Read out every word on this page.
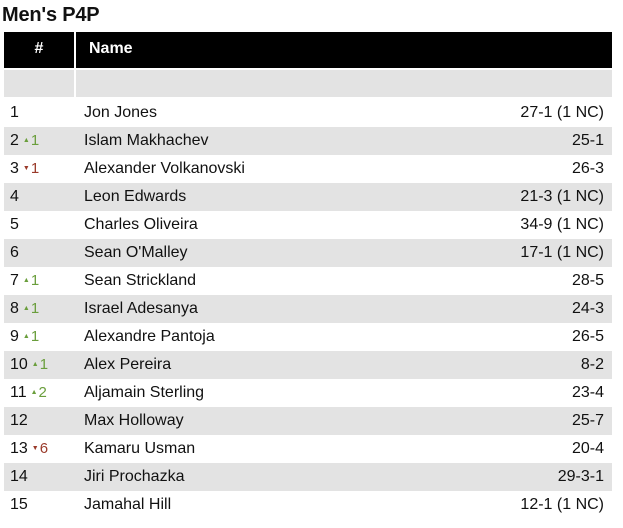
Men's P4P
#	Name
1	Jon Jones	27-1 (1 NC)
2 ▲1	Islam Makhachev	25-1
3 ▼1	Alexander Volkanovski	26-3
4	Leon Edwards	21-3 (1 NC)
5	Charles Oliveira	34-9 (1 NC)
6	Sean O'Malley	17-1 (1 NC)
7 ▲1	Sean Strickland	28-5
8 ▲1	Israel Adesanya	24-3
9 ▲1	Alexandre Pantoja	26-5
10 ▲1	Alex Pereira	8-2
11 ▲2	Aljamain Sterling	23-4
12	Max Holloway	25-7
13 ▼6	Kamaru Usman	20-4
14	Jiri Prochazka	29-3-1
15	Jamahal Hill	12-1 (1 NC)
